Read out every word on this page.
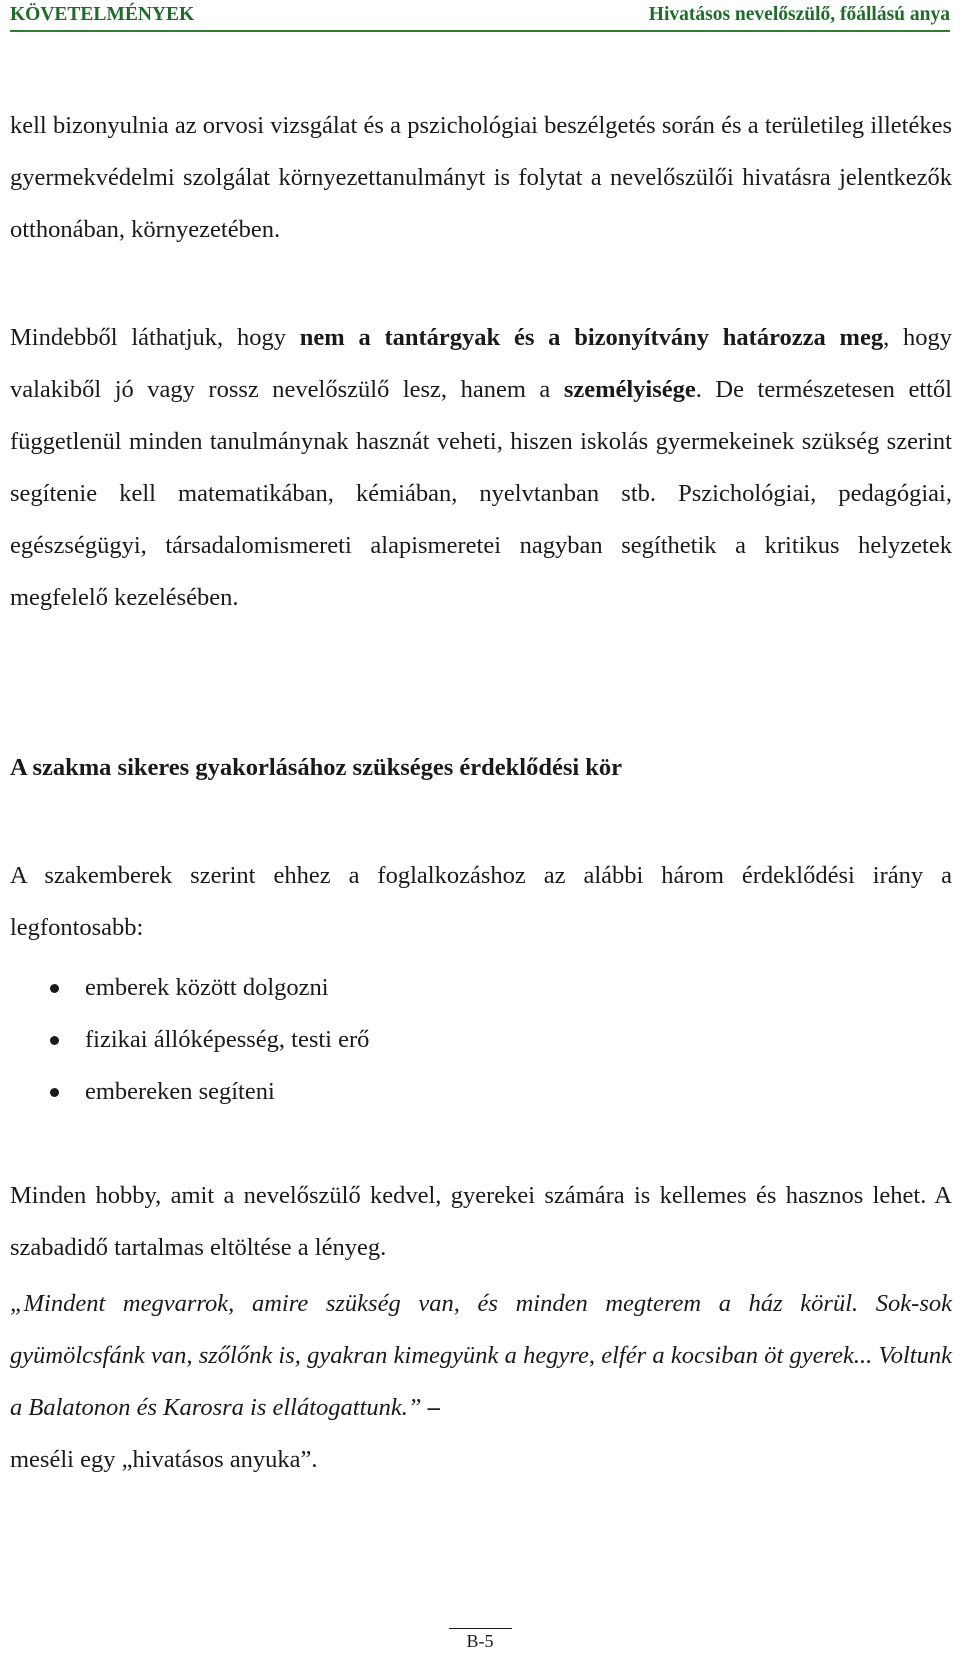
KÖVETELMÉNYEK	Hivatásos nevelőszülő, főállású anya

kell bizonyulnia az orvosi vizsgálat és a pszichológiai beszélgetés során és a területileg illetékes gyermekvédelmi szolgálat környezettanulmányt is folytat a nevelőszülői hivatásra jelentkezők otthonában, környezetében.

Mindebből láthatjuk, hogy nem a tantárgyak és a bizonyítvány határozza meg, hogy valakiből jó vagy rossz nevelőszülő lesz, hanem a személyisége. De természetesen ettől függetlenül minden tanulmánynak hasznát veheti, hiszen iskolás gyermekeinek szükség szerint segítenie kell matematikában, kémiában, nyelvtanban stb. Pszichológiai, pedagógiai, egészségügyi, társadalomismereti alapismeretei nagyban segíthetik a kritikus helyzetek megfelelő kezelésében.

A szakma sikeres gyakorlásához szükséges érdeklődési kör

A szakemberek szerint ehhez a foglalkozáshoz az alábbi három érdeklődési irány a legfontosabb:

emberek között dolgozni
fizikai állóképesség, testi erő
embereken segíteni

Minden hobby, amit a nevelőszülő kedvel, gyerekei számára is kellemes és hasznos lehet. A szabadidő tartalmas eltöltése a lényeg.

„Mindent megvarrok, amire szükség van, és minden megterem a ház körül. Sok-sok gyümölcsfánk van, szőlőnk is, gyakran kimegyünk a hegyre, elfér a kocsiban öt gyerek... Voltunk a Balatonon és Karosra is ellátogattunk.” –
meséli egy „hivatásos anyuka”.

B-5
